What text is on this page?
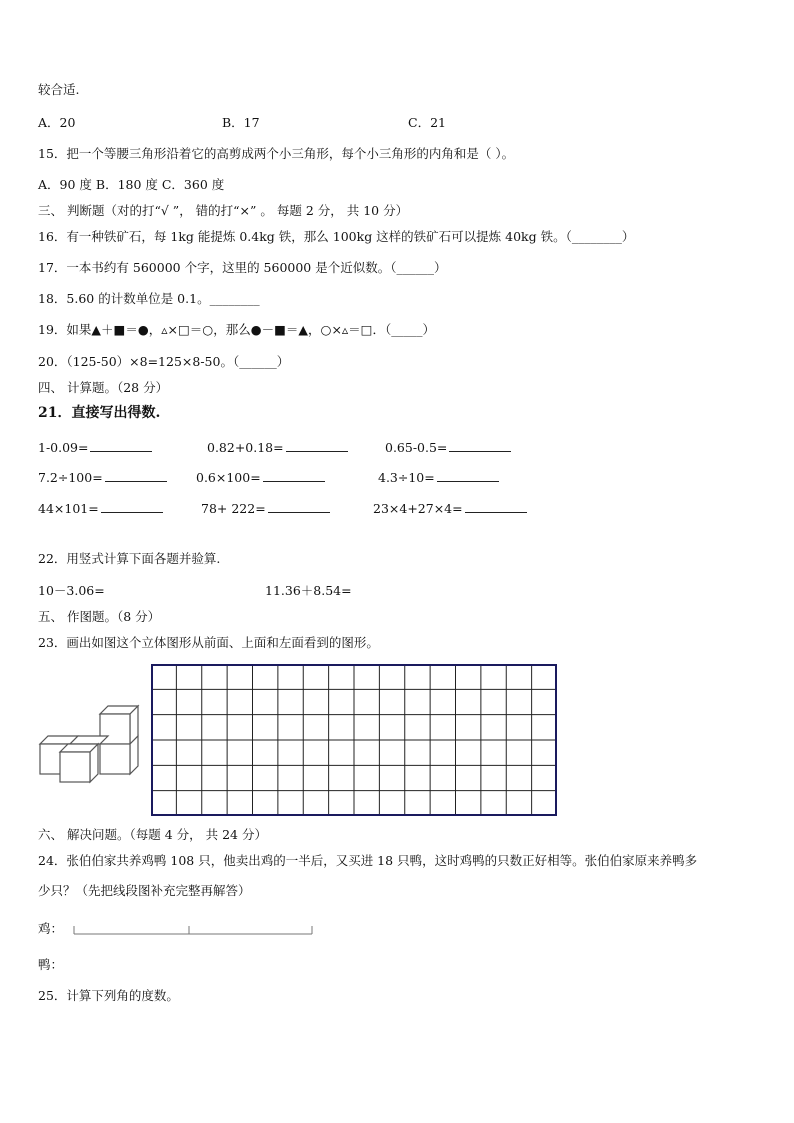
较合适.
A．20	B．17	C．21
15．把一个等腰三角形沿着它的高剪成两个小三角形，每个小三角形的内角和是（ ）。
A．90 度 B．180 度 C．360 度
三、 判断题（对的打“√ ”， 错的打“×” 。 每题 2 分， 共 10 分）
16．有一种铁矿石，每 1kg 能提炼 0.4kg 铁，那么 100kg 这样的铁矿石可以提炼 40kg 铁。（________）
17．一本书约有 560000 个字，这里的 560000 是个近似数。（______）
18．5.60 的计数单位是 0.1。________
19．如果▲＋■＝●，▵×□＝○，那么●－■＝▲，○×▵＝□．（_____）
20．（125-50）×8=125×8-50。（______）
四、 计算题。（28 分）
21．直接写出得数.
1-0.09=	0.82+0.18=	0.65-0.5=
7.2÷100=	0.6×100=	4.3÷10=
44×101=	78+ 222=	23×4+27×4=
22．用竖式计算下面各题并验算.
10－3.06=	11.36＋8.54=
五、 作图题。（8 分）
23．画出如图这个立体图形从前面、上面和左面看到的图形。
六、 解决问题。（每题 4 分， 共 24 分）
24．张伯伯家共养鸡鸭 108 只，他卖出鸡的一半后，又买进 18 只鸭，这时鸡鸭的只数正好相等。张伯伯家原来养鸭多
少只？（先把线段图补充完整再解答）
鸡：
鸭：
25．计算下列角的度数。
